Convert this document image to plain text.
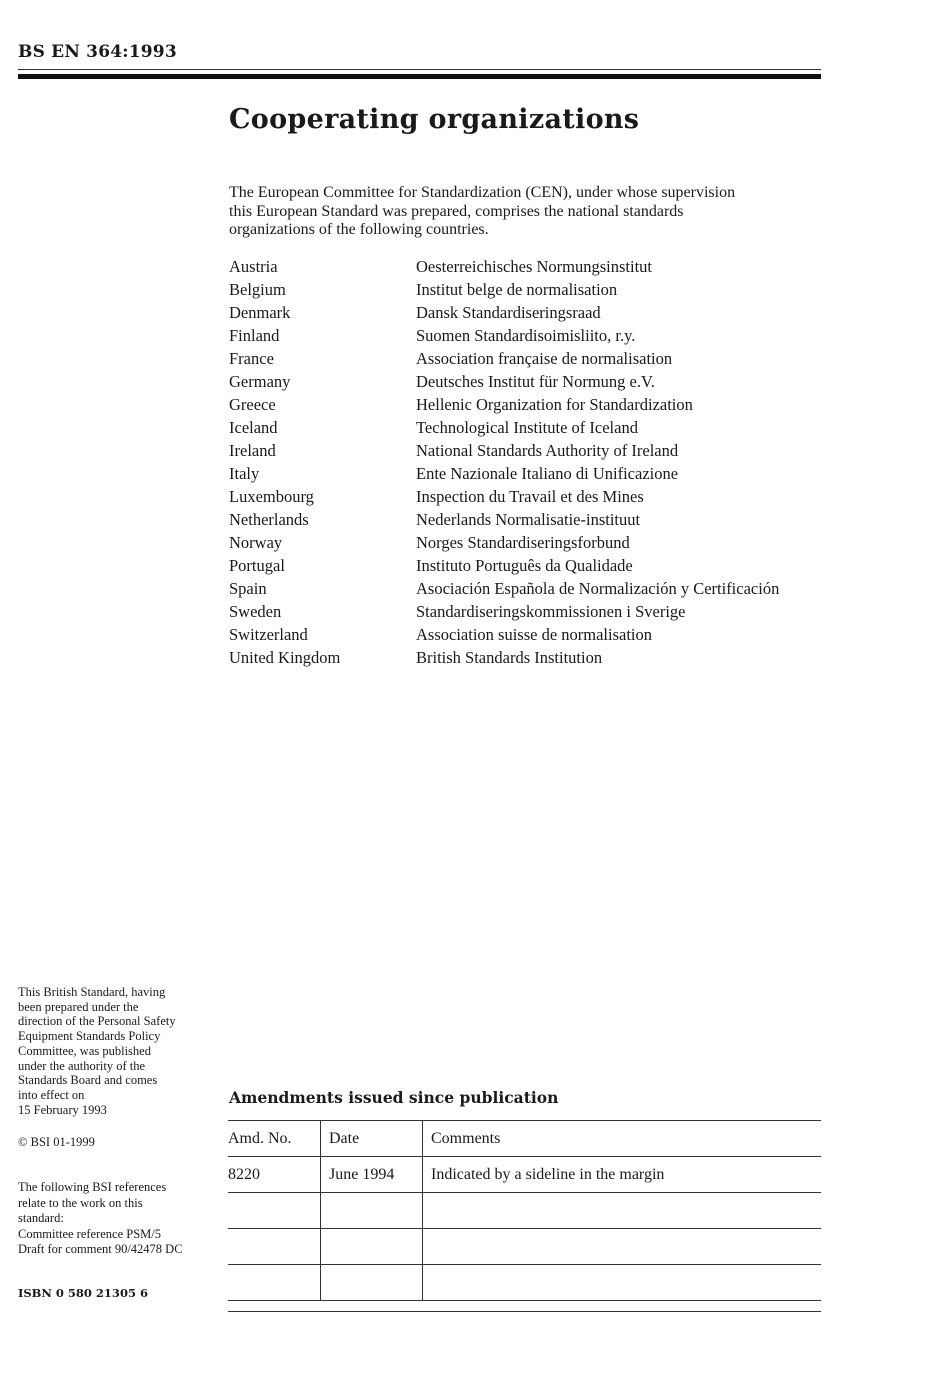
BS EN 364:1993
Cooperating organizations
The European Committee for Standardization (CEN), under whose supervision
this European Standard was prepared, comprises the national standards
organizations of the following countries.
Austria	Oesterreichisches Normungsinstitut
Belgium	Institut belge de normalisation
Denmark	Dansk Standardiseringsraad
Finland	Suomen Standardisoimisliito, r.y.
France	Association française de normalisation
Germany	Deutsches Institut für Normung e.V.
Greece	Hellenic Organization for Standardization
Iceland	Technological Institute of Iceland
Ireland	National Standards Authority of Ireland
Italy	Ente Nazionale Italiano di Unificazione
Luxembourg	Inspection du Travail et des Mines
Netherlands	Nederlands Normalisatie-instituut
Norway	Norges Standardiseringsforbund
Portugal	Instituto Português da Qualidade
Spain	Asociación Española de Normalización y Certificación
Sweden	Standardiseringskommissionen i Sverige
Switzerland	Association suisse de normalisation
United Kingdom	British Standards Institution
This British Standard, having
been prepared under the
direction of the Personal Safety
Equipment Standards Policy
Committee, was published
under the authority of the
Standards Board and comes
into effect on
15 February 1993
© BSI 01-1999
The following BSI references
relate to the work on this
standard:
Committee reference PSM/5
Draft for comment 90/42478 DC
ISBN 0 580 21305 6
Amendments issued since publication
Amd. No.	Date	Comments
8220	June 1994	Indicated by a sideline in the margin
